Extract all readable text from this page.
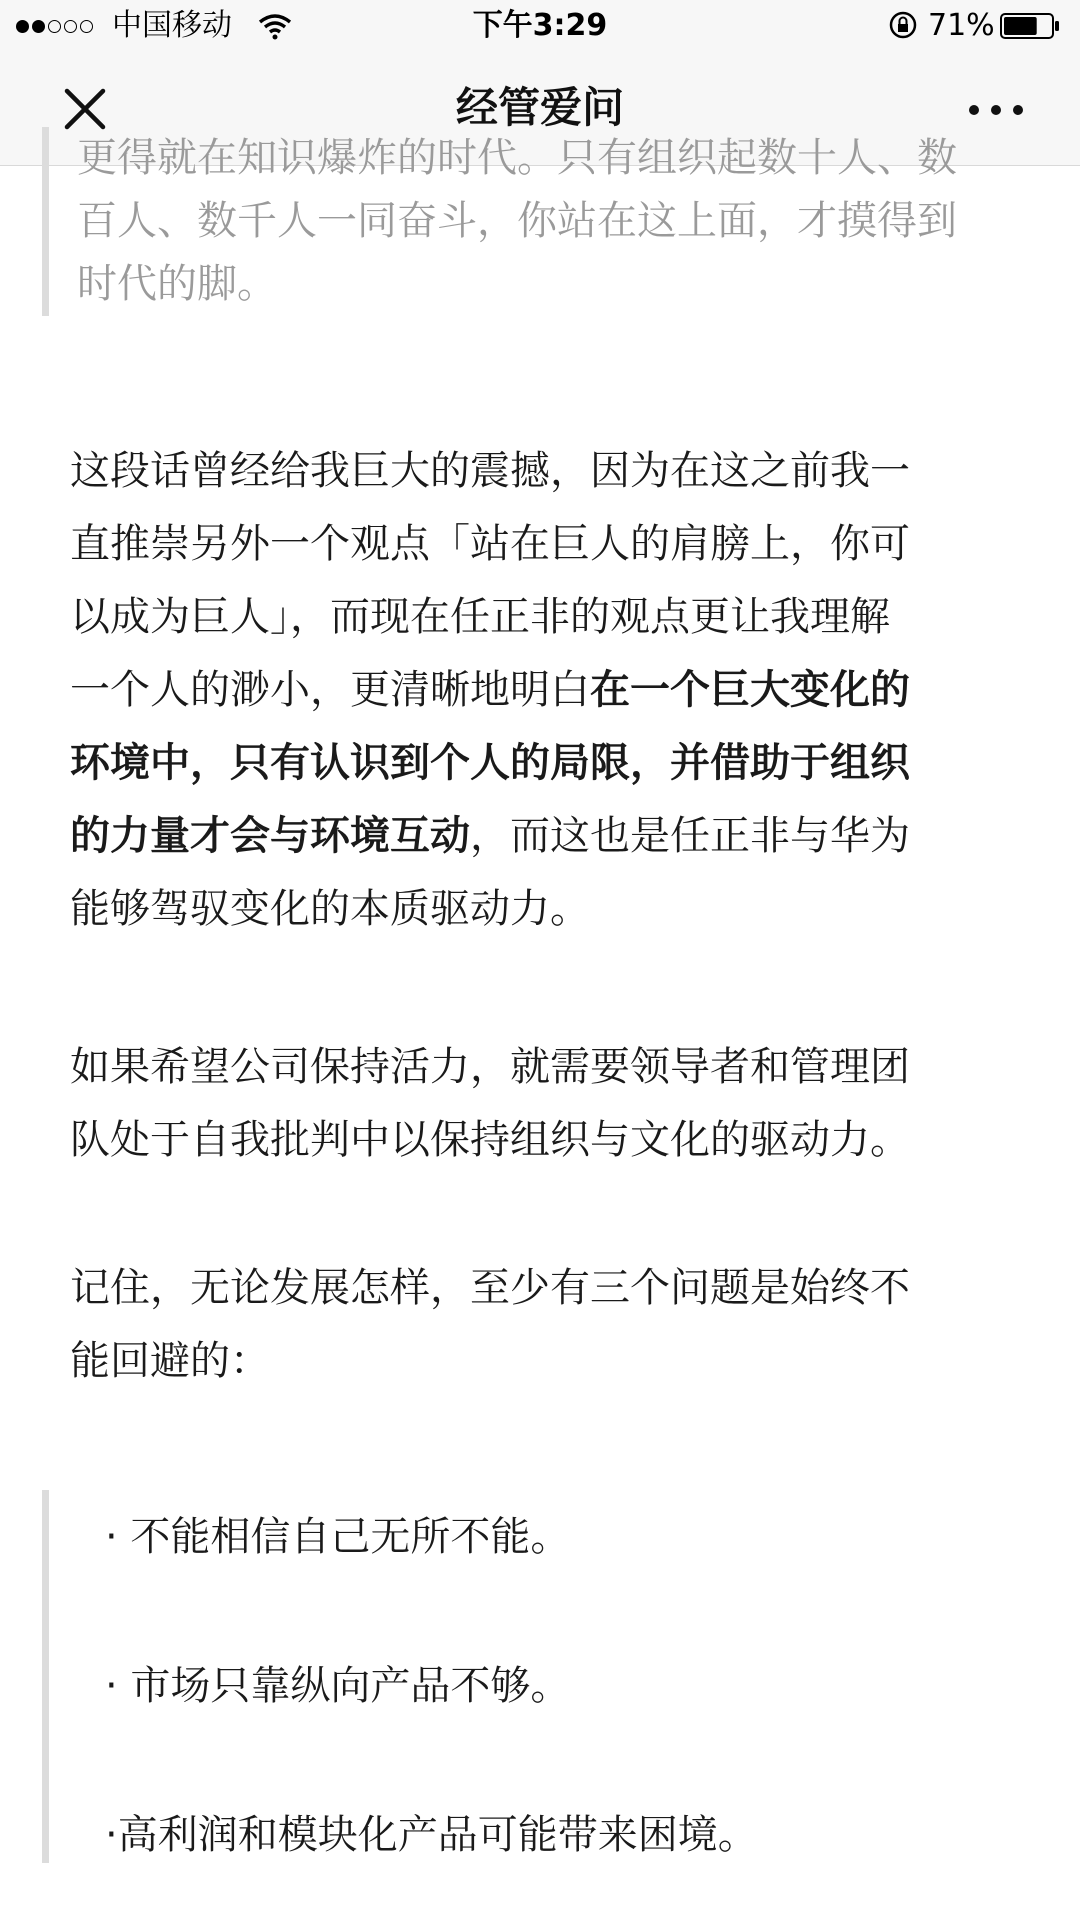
中国移动	下午3:29	71%
经管爱问

更得就在知识爆炸的时代。只有组织起数十人、数

百人、数千人一同奋斗，你站在这上面，才摸得到

时代的脚。

这段话曾经给我巨大的震撼，因为在这之前我一

直推崇另外一个观点「站在巨人的肩膀上，你可

以成为巨人」，而现在任正非的观点更让我理解

一个人的渺小，更清晰地明白在一个巨大变化的

环境中，只有认识到个人的局限，并借助于组织

的力量才会与环境互动，而这也是任正非与华为

能够驾驭变化的本质驱动力。

如果希望公司保持活力，就需要领导者和管理团

队处于自我批判中以保持组织与文化的驱动力。

记住，无论发展怎样，至少有三个问题是始终不

能回避的：

· 不能相信自己无所不能。
· 市场只靠纵向产品不够。
·高利润和模块化产品可能带来困境。
